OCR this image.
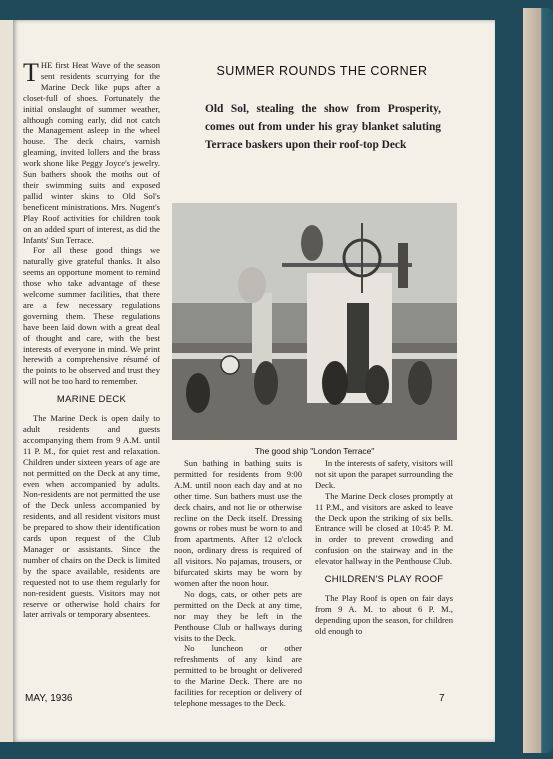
THE first Heat Wave of the season sent residents scurrying for the Marine Deck like pups after a closet-full of shoes. Fortunately the initial onslaught of summer weather, although coming early, did not catch the Management asleep in the wheel house. The deck chairs, varnish gleaming, invited lollers and the brass work shone like Peggy Joyce's jewelry. Sun bathers shook the moths out of their swimming suits and exposed pallid winter skins to Old Sol's beneficent ministrations. Mrs. Nugent's Play Roof activities for children took on an added spurt of interest, as did the Infants' Sun Terrace.

For all these good things we naturally give grateful thanks. It also seems an opportune moment to remind those who take advantage of these welcome summer facilities, that there are a few necessary regulations governing them. These regulations have been laid down with a great deal of thought and care, with the best interests of everyone in mind. We print herewith a comprehensive résumé of the points to be observed and trust they will not be too hard to remember.

MARINE DECK

The Marine Deck is open daily to adult residents and guests accompanying them from 9 A.M. until 11 P. M., for quiet rest and relaxation. Children under sixteen years of age are not permitted on the Deck at any time, even when accompanied by adults. Non-residents are not permitted the use of the Deck unless accompanied by residents, and all resident visitors must be prepared to show their identification cards upon request of the Club Manager or assistants. Since the number of chairs on the Deck is limited by the space available, residents are requested not to use them regularly for non-resident guests. Visitors may not reserve or otherwise hold chairs for later arrivals or temporary absentees.

SUMMER ROUNDS THE CORNER
Old Sol, stealing the show from Prosperity, comes out from under his gray blanket saluting Terrace baskers upon their roof-top Deck
The good ship "London Terrace"

Sun bathing in bathing suits is permitted for residents from 9:00 A.M. until noon each day and at no other time. Sun bathers must use the deck chairs, and not lie or otherwise recline on the Deck itself. Dressing gowns or robes must be worn to and from apartments. After 12 o'clock noon, ordinary dress is required of all visitors. No pajamas, trousers, or bifurcated skirts may be worn by women after the noon hour.

No dogs, cats, or other pets are permitted on the Deck at any time, nor may they be left in the Penthouse Club or hallways during visits to the Deck.

No luncheon or other refreshments of any kind are permitted to be brought or delivered to the Marine Deck. There are no facilities for reception or delivery of telephone messages to the Deck.

In the interests of safety, visitors will not sit upon the parapet surrounding the Deck.

The Marine Deck closes promptly at 11 P.M., and visitors are asked to leave the Deck upon the striking of six bells. Entrance will be closed at 10:45 P. M. in order to prevent crowding and confusion on the stairway and in the elevator hallway in the Penthouse Club.

CHILDREN'S PLAY ROOF

The Play Roof is open on fair days from 9 A. M. to about 6 P. M., depending upon the season, for children old enough to

MAY, 1936	7
